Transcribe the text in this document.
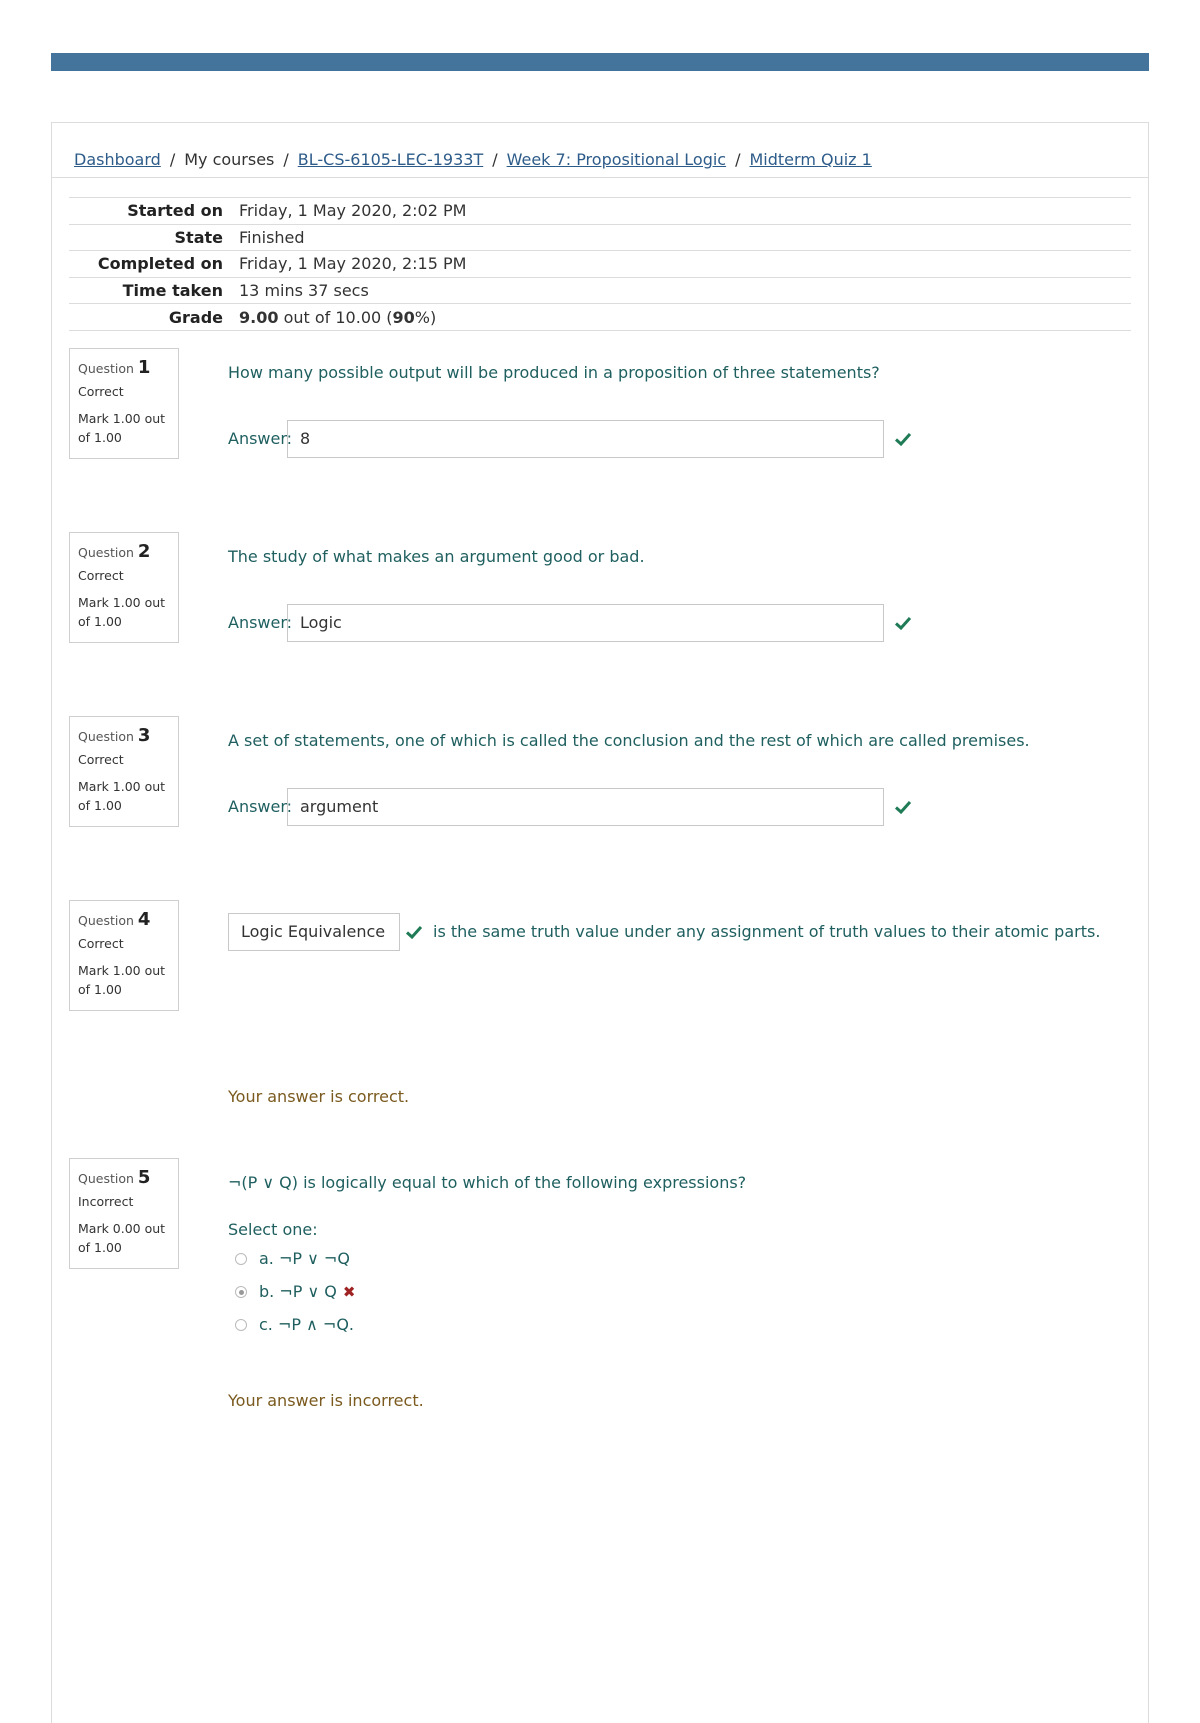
Dashboard / My courses / BL-CS-6105-LEC-1933T / Week 7: Propositional Logic / Midterm Quiz 1
Started on	Friday, 1 May 2020, 2:02 PM
State	Finished
Completed on	Friday, 1 May 2020, 2:15 PM
Time taken	13 mins 37 secs
Grade	9.00 out of 10.00 (90%)
Question 1
Correct
Mark 1.00 out of 1.00
How many possible output will be produced in a proposition of three statements?
Answer: 8
Question 2
Correct
Mark 1.00 out of 1.00
The study of what makes an argument good or bad.
Answer: Logic
Question 3
Correct
Mark 1.00 out of 1.00
A set of statements, one of which is called the conclusion and the rest of which are called premises.
Answer: argument
Question 4
Correct
Mark 1.00 out of 1.00
Logic Equivalence	is the same truth value under any assignment of truth values to their atomic parts.
Your answer is correct.
Question 5
Incorrect
Mark 0.00 out of 1.00
¬(P ∨ Q) is logically equal to which of the following expressions?
Select one:
a. ¬P ∨ ¬Q
b. ¬P ∨ Q ✖
c. ¬P ∧ ¬Q.
Your answer is incorrect.
